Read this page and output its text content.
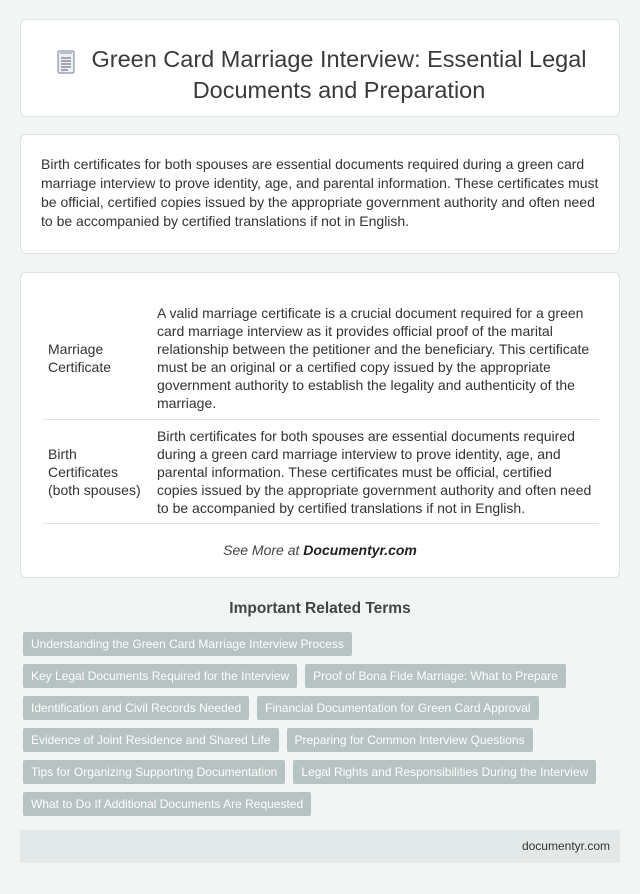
Green Card Marriage Interview: Essential Legal Documents and Preparation

Birth certificates for both spouses are essential documents required during a green card marriage interview to prove identity, age, and parental information. These certificates must be official, certified copies issued by the appropriate government authority and often need to be accompanied by certified translations if not in English.

Marriage Certificate	A valid marriage certificate is a crucial document required for a green card marriage interview as it provides official proof of the marital relationship between the petitioner and the beneficiary. This certificate must be an original or a certified copy issued by the appropriate government authority to establish the legality and authenticity of the marriage.
Birth Certificates (both spouses)	Birth certificates for both spouses are essential documents required during a green card marriage interview to prove identity, age, and parental information. These certificates must be official, certified copies issued by the appropriate government authority and often need to be accompanied by certified translations if not in English.
See More at Documentyr.com
Important Related Terms
Understanding the Green Card Marriage Interview Process
Key Legal Documents Required for the Interview	Proof of Bona Fide Marriage: What to Prepare
Identification and Civil Records Needed	Financial Documentation for Green Card Approval
Evidence of Joint Residence and Shared Life	Preparing for Common Interview Questions
Tips for Organizing Supporting Documentation	Legal Rights and Responsibilities During the Interview
What to Do If Additional Documents Are Requested
documentyr.com
